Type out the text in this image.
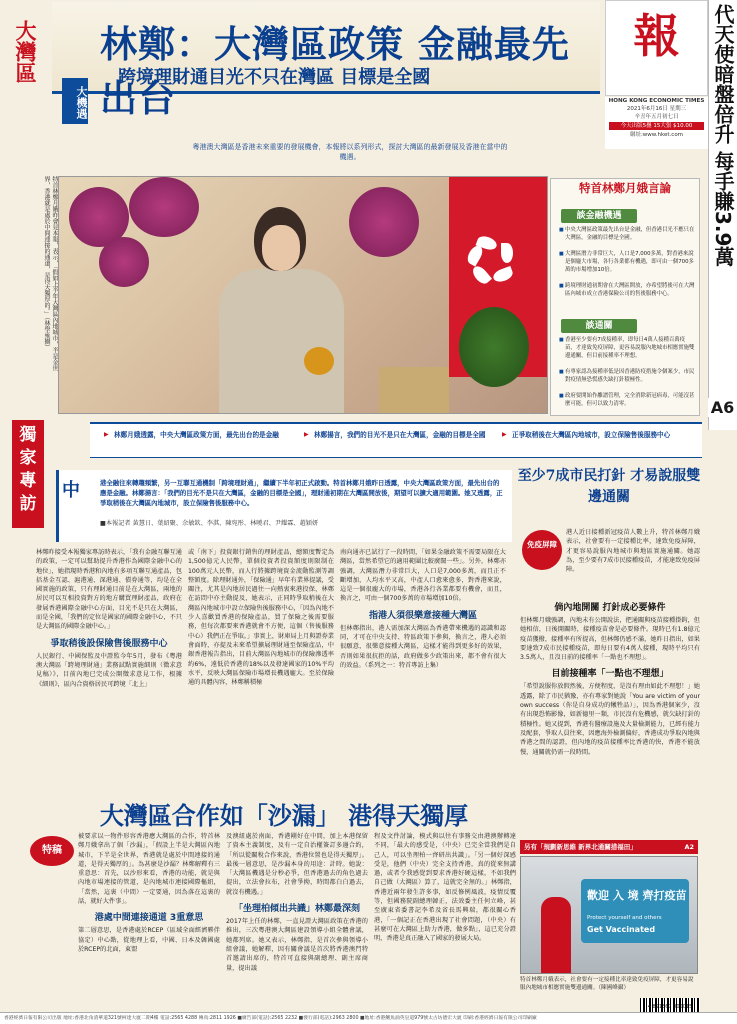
大灣區
大機遇
林鄭：大灣區政策 金融最先出台
跨境理財通目光不只在灣區 目標是全國
報
HONG KONG ECONOMIC TIMES
2021年6月16日 星期三
辛丑年五月初七日
今天出版5疊 15大張 $10.00
網址:www.hket.com	代天使暗盤倍升 每手賺3.9萬
A6
粵港澳大灣區是香港未來重要的發展機會，本報將以系列形式，探討大灣區的最新發展及香港在當中的機遇。
特首林鄭月娥昨會見本報，表示，「假如上半年大灣區內地城市，半是金世界，香港就是處於中間連接的通道，是得天獨厚的。」（林學雍攝）	談金融機遇
■ 中央大灣區政策最先出台是金融，但香港目光不應只在大灣區，金融的目標是全國。
■ 大灣區潛力非常巨大，人口是7,000多萬，對香港來說是個龐大市場，各行各業都有機遇，即可由一個700多萬的市場增加10倍。
■ 跨境理財通初期會在大灣區開放，亦希望將後可在大灣區內城市成立香港保險公司的售後服務中心。
談通關
■ 香港至少要有7成接種率，即每日4萬人接種百萬疫苗，才達致免疫屏障，更容易說服內地城市相應實施雙邊通關，但目前接種率不理想。
■ 有專家認為接種率低是因香港防疫措施令個案少，市民對疫情無恐慌感失缺打針積極性。
■ 政府要開始作離譜管理，完全消除新冠病毒，可能沒甚麼可能，但可以致力清零。
特首林鄭月娥言論
▶ 林鄭月娥透露，中央大灣區政策方面，最先出台的是金融	▶ 林鄭揚言，我們的目光不是只在大灣區，金融的目標是全國	▶ 正爭取稍後在大灣區內地城市，設立保險售後服務中心
獨家專訪
中	港全融往來轉趨頻繁，另一互聯互通機制「跨境理財通」，繼續下半年初正式啟動。特首林鄭月娥昨日透露，中央大灣區政策方面，最先出台的應是金融。林鄭揚言：「我們的目光不是只在大灣區，金融的目標是全國」，理財通初期在大灣區開放後，期望可以擴大適用範圍。她又透露，正爭取稍後在大灣區內地城市，設立保險售後服務中心。
■本報記者 黃慧日、葉紹聚、余敏欽、李淇、陳宛彤、林曉君、尹耀霖、趙穎妍
林鄭昨接受本報獨家專訪時表示，「我有金融互聯互通的政策，一定可以幫助提升香港作為國際金融中心的地位」，她指現時香港和內地有多項互聯互通產品，包括基金互認、滬港通、深港通、債券通等，均是在全國實施的政策，只有理財通目前是在大灣區，兩地的居民可以互相投資對方的地方購買理財產品，政府在發展香港國際金融中心方面，目光不是只在大灣區，而是全國，「我們的定位是國家的國際金融中心，不只是大灣區的國際金融中心。」
爭取稍後設保險售後服務中心
人民銀行、中國保監及中證監今年5月，發布《粵港澳大灣區「跨境理財通」業務試點實施細則（徵求意見稿）》，目前內地已完成公開徵求意見工作，根據《細則》，區內合資格居民可跨境「北上」
或「南下」投資銀行銷售的理財產品，總額度暫定為1,500億元人民幣，單個投資者投資額度則限制在100萬元人民幣，而人行將據跨境資金流動監測等調整額度。除理財通外，「保險通」早年有業界提議，受關注，尤其是內地居民過往一向熱衷來港投保，林鄭在訪問中亦主動提及，她表示，正同時爭取稍後在大灣區內地城市中設立保險售後服務中心，「因為內地不少人喜歡買香港的保險產品，買了保險之後需要服務，但每次都要來香港就會不方便，這個（售後服務中心）我們正在爭取。」事實上，財庫局上月與證券業會面時，亦提及未來希望擴展理財通至保險產品，中銀香港報告指出，目前大灣區內地城市的保險滲透率約6%，遠低於香港的18%以及發達國家的10%平均水平，反映大灣區保險市場增長機遇龐大。至於保險通的具體內容，林鄭稱積極
南向通亦已試行了一段時間，「如果金融政策不需要局限在大灣區，當然希望它的適用範圍比較廣闊一些」。另外，林鄭亦強調，大灣區潛力非常巨大，人口是7,000多萬，而且正不斷增加，人均水平又高，中產人口愈來愈多，對香港來說，這是一個很龐大的市場，香港各行各業都要有機會，而且，換言之，可由一個700多萬的市場增加10倍。
指港人須很樂意接種大灣區
但林鄭指出，港人需加深大灣區為香港帶來機遇的認識和認同，才可在中央支持、特區政策下參與，換言之，港人必須很願意，很樂意接種大灣區，這樣才能得到更多好的效果，否則如果很抗拒的話，政府做多少政策出來，都不會有很大的效益。（系列之一：特首專訪上集）
至少7成市民打針 才易說服雙邊通關
免疫屏障
港人近日接種新冠疫苗人數上升，特首林鄭月娥表示，社會要有一定接種比率，達致免疫屏障，才更容易說服內地城市與地區實施通關。她認為，至少要有7成市民接種疫苗，才能達致免疫屏障。
倘內地開關 打針成必要條件
但林鄭月娥強調，內地未有公開說法，把通關與疫苗接種掛鈎，但她相信，日後開關時，接種疫苗會是必要條件。現時已有1.8億元疫苗獲撥，接種率有所提高，但林鄭仍感不滿，她昨日指出，如果要達致7成市民接種疫苗，即每日要有4萬人接種，現時平均只有3.5萬人，且沒日前的接種率「一點也不理想」。
目前接種率「一點也不理想」
「希望說服你放假然後，方便程度，是沒有理由如此不理想！」她透露，除了市民猶豫，亦有專家對她說「You are victim of your own success（你是自身成功的犧牲品）」，因為香港個案少，沒有出現恐怖影像，如新德里一類，市民沒有危機感，就欠缺打針的積極性。她又提到，香港有醫療設施及大量檢測能力，已經有能力及配套，爭取人員往來，因應海外檢測偏好，香港成功爭取內地與香港之間的認證，但內地的疫苗接種率比香港的快，香港不能放慢，通關就仍需一段時間。
大灣區合作如「沙漏」 港得天獨厚
特稿
被要求以一物件形容香港應大灣區的合作，特首林鄭月娥拿出了個「沙漏」，「假設上半是大灣區內地城市，下半是全世界，香港就是處於中間連接的通道，是得天獨厚的」。為甚麼是沙漏？林鄭解釋有三重意思：首先，以沙形來看，香港的功能，就是與內地市場連接的管道，是內地城市連接國際樞紐，「當然，這裏（中間）一定要通，因為落在這裏的話，就好大件事」。
港處中間連接通道 3重意思
第二層意思，是香港處於RCEP（區域全面經濟夥伴協定）中心點，從地理上看，中國、日本及韓國處於RCEP的北面，東盟
及澳紐處於南面，香港剛好在中間，加上本港保留了資本主義制度，及有一定自治權簽訂多邊合約，「所以從關稅合作來說，香港位置也是得天獨厚」。最後一層意思，是沙漏本身的用途：計時。她說：「大灣區機遇是分秒必爭，但香港過去的角色過去提出，立法會拉布，社會爭拗，時間都白白過去，就沒有機遇。」
「坐理柏傾出共識」林鄭最深刻
2017年上任的林鄭，一直見證大灣區政策在香港的推出，三次粵港澳大灣區建設領導小組全體會議，她都列席。她又表示，林鄭指，是首次參與領導小組會議，她解釋，因有關會議是首次將香港澳門特首邀請出席的，特首可直接與副總理、副主席商量，提出議
程及文件討論，模式與以往有事務交由港澳辦轉達不同，「最大的感受是，（中央）已完全當我們是自己人，可以坐理柏一齊研出共識」。「另一個好深感受是，他們（中央）完全支持香港，真的從來無講過，或者令我感覺到要求香港好硬這樣，不如我們自己做（大灣區）算了，這就完全無的。」林鄭指，香港近兩年發生許多事，如反修例風波，疫情反覆等，但國務院副總理韓正，法效委主任何立峰，甚至廣東省委書記李希及省長馬興瑞，都很關心香港，「一個記正在香港出現了社會問題，（中央）有甚麼可在大灣區上助力香港，做多點」，這已充分證明，香港是真正融入了國家的發展大局。
另有「規劃新思維 新界北通關措福田」	A2
歡迎 入 境 齊打疫苗
Protect yourself and others
Get Vaccinated
特首林鄭月娥表示，社會要有一定接種比率達致免疫屏障，才更容易說服內地城市相應實施雙邊通關。（陳國峰攝）
4 891367 000015
香港經濟日報有限公司出版 地址:香港北角渣華道321號柯達大廈二期4樓 電話:2565 4288 傳真:2811 1926 ■廣告部(電話):2565 2232 ■發行部(電話):2963 2800 ■地址:香港鰂魚涌英皇道979號太古坊德宏大廈 印刷:香港經濟日報有限公司印刷廠
